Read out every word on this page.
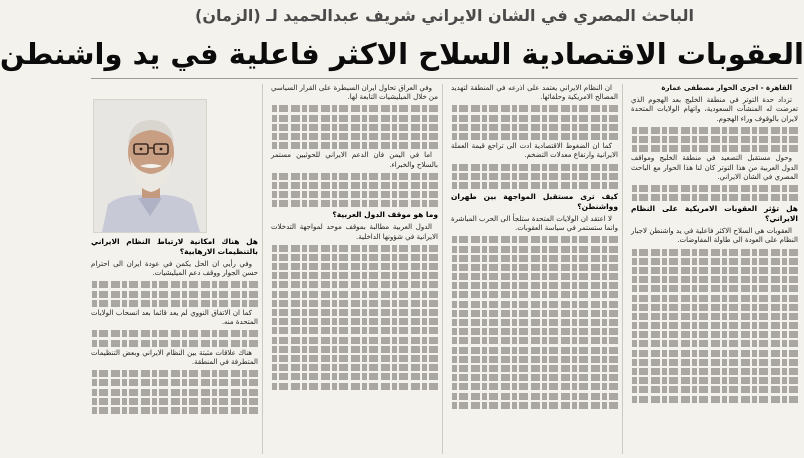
الباحث المصري في الشان الايراني شريف عبدالحميد لـ (الزمان)
العقوبات الاقتصادية السلاح الاكثر فاعلية في يد واشنطن

القاهرة - اجرى الحوار مصطفى عمارة

تزداد حدة التوتر في منطقة الخليج بعد الهجوم الذي تعرضت له المنشآت السعودية، واتهام الولايات المتحدة لايران بالوقوف وراء الهجوم.

وحول مستقبل التصعيد في منطقة الخليج ومواقف الدول العربية من هذا التوتر كان لنا هذا الحوار مع الباحث المصري في الشان الايراني.

هل تؤثر العقوبات الامريكية على النظام الايراني؟

العقوبات هي السلاح الاكثر فاعلية في يد واشنطن لاجبار النظام على العودة الى طاولة المفاوضات.

ان النظام الايراني يعتمد على اذرعه في المنطقة لتهديد المصالح الامريكية وحلفائها.

كما ان الضغوط الاقتصادية ادت الى تراجع قيمة العملة الايرانية وارتفاع معدلات التضخم.

كيف ترى مستقبل المواجهة بين طهران وواشنطن؟

لا اعتقد ان الولايات المتحدة ستلجأ الى الحرب المباشرة وانما ستستمر في سياسة العقوبات.

وفي العراق تحاول ايران السيطرة على القرار السياسي من خلال الميليشيات التابعة لها.

اما في اليمن فان الدعم الايراني للحوثيين مستمر بالسلاح والخبراء.

وما هو موقف الدول العربية؟

الدول العربية مطالبة بموقف موحد لمواجهة التدخلات الايرانية في شؤونها الداخلية.

هل هناك امكانية لارتباط النظام الايراني بالتنظيمات الارهابية؟

وفي رأيي ان الحل يكمن في عودة ايران الى احترام حسن الجوار ووقف دعم الميليشيات.

كما ان الاتفاق النووي لم يعد قائما بعد انسحاب الولايات المتحدة منه.

هناك علاقات مثبتة بين النظام الايراني وبعض التنظيمات المتطرفة في المنطقة.
